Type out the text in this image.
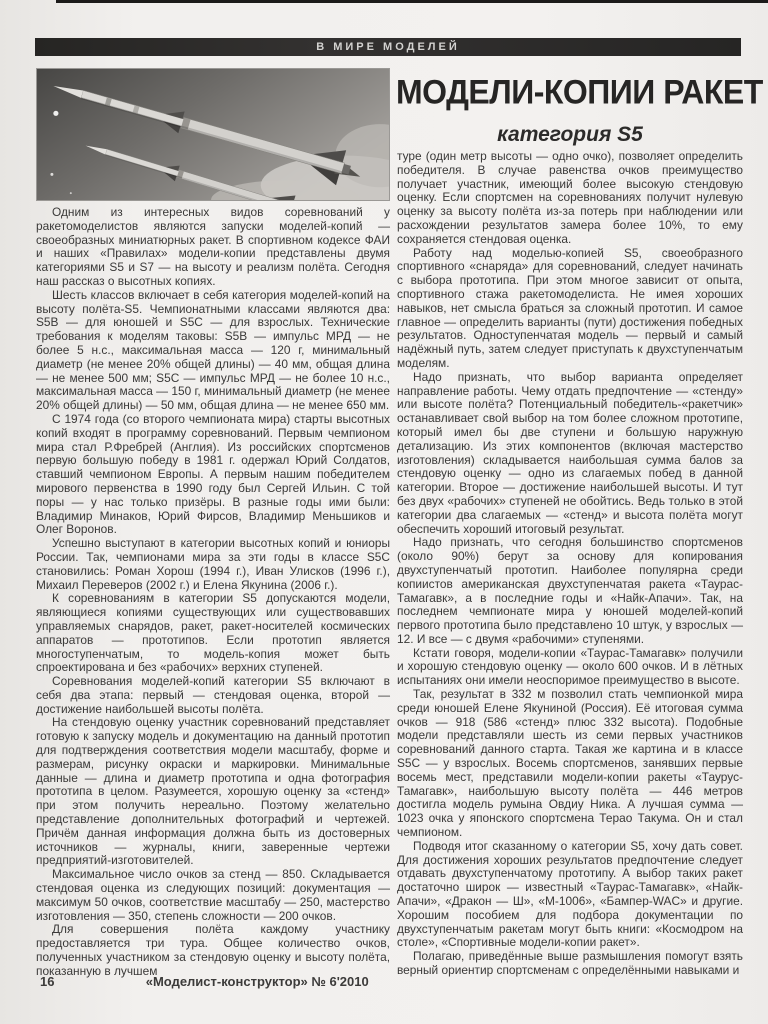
В МИРЕ МОДЕЛЕЙ
МОДЕЛИ-КОПИИ РАКЕТ
категория S5

Одним из интересных видов соревнований у ракетомоделистов являются запуски моделей-копий — своеобразных миниатюрных ракет. В спортивном кодексе ФАИ и наших «Правилах» модели-копии представлены двумя категориями S5 и S7 — на высоту и реализм полёта. Сегодня наш рассказ о высотных копиях.

Шесть классов включает в себя категория моделей-копий на высоту полёта-S5. Чемпионатными классами являются два: S5B — для юношей и S5C — для взрослых. Технические требования к моделям таковы: S5B — импульс МРД — не более 5 н.с., максимальная масса — 120 г, минимальный диаметр (не менее 20% общей длины) — 40 мм, общая длина — не менее 500 мм; S5C — импульс МРД — не более 10 н.с., максимальная масса — 150 г, минимальный диаметр (не менее 20% общей длины) — 50 мм, общая длина — не менее 650 мм.

С 1974 года (со второго чемпионата мира) старты высотных копий входят в программу соревнований. Первым чемпионом мира стал Р.Фребрей (Англия). Из российских спортсменов первую большую победу в 1981 г. одержал Юрий Солдатов, ставший чемпионом Европы. А первым нашим победителем мирового первенства в 1990 году был Сергей Ильин. С той поры — у нас только призёры. В разные годы ими были: Владимир Минаков, Юрий Фирсов, Владимир Меньшиков и Олег Воронов.

Успешно выступают в категории высотных копий и юниоры России. Так, чемпионами мира за эти годы в классе S5C становились: Роман Хорош (1994 г.), Иван Улисков (1996 г.), Михаил Переверов (2002 г.) и Елена Якунина (2006 г.).

К соревнованиям в категории S5 допускаются модели, являющиеся копиями существующих или существовавших управляемых снарядов, ракет, ракет-носителей космических аппаратов — прототипов. Если прототип является многоступенчатым, то модель-копия может быть спроектирована и без «рабочих» верхних ступеней.

Соревнования моделей-копий категории S5 включают в себя два этапа: первый — стендовая оценка, второй — достижение наибольшей высоты полёта.

На стендовую оценку участник соревнований представляет готовую к запуску модель и документацию на данный прототип для подтверждения соответствия модели масштабу, форме и размерам, рисунку окраски и маркировки. Минимальные данные — длина и диаметр прототипа и одна фотография прототипа в целом. Разумеется, хорошую оценку за «стенд» при этом получить нереально. Поэтому желательно представление дополнительных фотографий и чертежей. Причём данная информация должна быть из достоверных источников — журналы, книги, заверенные чертежи предприятий-изготовителей.

Максимальное число очков за стенд — 850. Складывается стендовая оценка из следующих позиций: документация — максимум 50 очков, соответствие масштабу — 250, мастерство изготовления — 350, степень сложности — 200 очков.

Для совершения полёта каждому участнику предоставляется три тура. Общее количество очков, полученных участником за стендовую оценку и высоту полёта, показанную в лучшем

туре (один метр высоты — одно очко), позволяет определить победителя. В случае равенства очков преимущество получает участник, имеющий более высокую стендовую оценку. Если спортсмен на соревнованиях получит нулевую оценку за высоту полёта из-за потерь при наблюдении или расхождении результатов замера более 10%, то ему сохраняется стендовая оценка.

Работу над моделью-копией S5, своеобразного спортивного «снаряда» для соревнований, следует начинать с выбора прототипа. При этом многое зависит от опыта, спортивного стажа ракетомоделиста. Не имея хороших навыков, нет смысла браться за сложный прототип. И самое главное — определить варианты (пути) достижения победных результатов. Одноступенчатая модель — первый и самый надёжный путь, затем следует приступать к двухступенчатым моделям.

Надо признать, что выбор варианта определяет направление работы. Чему отдать предпочтение — «стенду» или высоте полёта? Потенциальный победитель-«ракетчик» останавливает свой выбор на том более сложном прототипе, который имел бы две ступени и большую наружную детализацию. Из этих компонентов (включая мастерство изготовления) складывается наибольшая сумма балов за стендовую оценку — одно из слагаемых побед в данной категории. Второе — достижение наибольшей высоты. И тут без двух «рабочих» ступеней не обойтись. Ведь только в этой категории два слагаемых — «стенд» и высота полёта могут обеспечить хороший итоговый результат.

Надо признать, что сегодня большинство спортсменов (около 90%) берут за основу для копирования двухступенчатый прототип. Наиболее популярна среди копиистов американская двухступенчатая ракета «Таурас-Тамагавк», а в последние годы и «Найк-Апачи». Так, на последнем чемпионате мира у юношей моделей-копий первого прототипа было представлено 10 штук, у взрослых — 12. И все — с двумя «рабочими» ступенями.

Кстати говоря, модели-копии «Таурас-Тамагавк» получили и хорошую стендовую оценку — около 600 очков. И в лётных испытаниях они имели неоспоримое преимущество в высоте.

Так, результат в 332 м позволил стать чемпионкой мира среди юношей Елене Якуниной (Россия). Её итоговая сумма очков — 918 (586 «стенд» плюс 332 высота). Подобные модели представляли шесть из семи первых участников соревнований данного старта. Такая же картина и в классе S5C — у взрослых. Восемь спортсменов, занявших первые восемь мест, представили модели-копии ракеты «Таурус-Тамагавк», наибольшую высоту полёта — 446 метров достигла модель румына Овдиу Ника. А лучшая сумма — 1023 очка у японского спортсмена Терао Такума. Он и стал чемпионом.

Подводя итог сказанному о категории S5, хочу дать совет. Для достижения хороших результатов предпочтение следует отдавать двухступенчатому прототипу. А выбор таких ракет достаточно широк — известный «Таурас-Тамагавк», «Найк-Апачи», «Дракон — Ш», «М-1006», «Бампер-WAC» и другие. Хорошим пособием для подбора документации по двухступенчатым ракетам могут быть книги: «Космодром на столе», «Спортивные модели-копии ракет».

Полагаю, приведённые выше размышления помогут взять верный ориентир спортсменам с определёнными навыками и

16	«Моделист-конструктор» № 6'2010
